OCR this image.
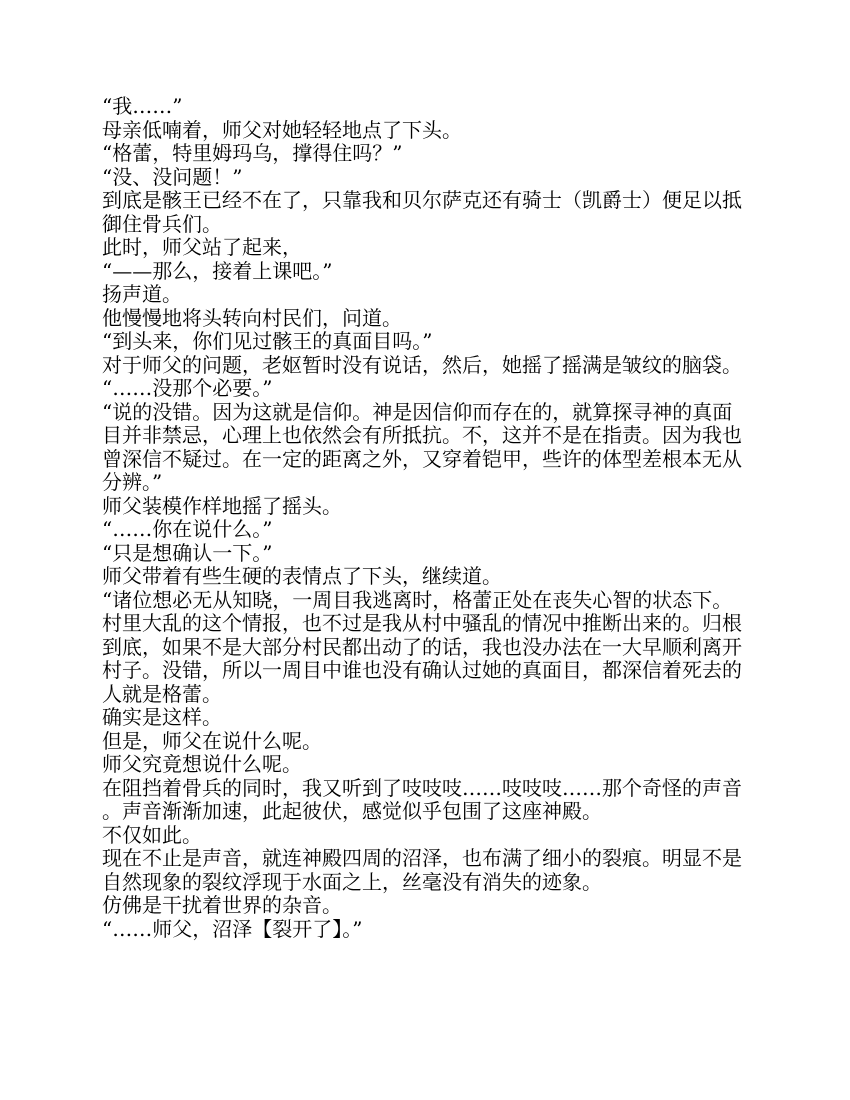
“我……”

母亲低喃着，师父对她轻轻地点了下头。

“格蕾，特里姆玛乌，撑得住吗？”

“没、没问题！”

到底是骸王已经不在了，只靠我和贝尔萨克还有骑士（凯爵士）便足以抵御住骨兵们。

此时，师父站了起来，

“——那么，接着上课吧。”

扬声道。

他慢慢地将头转向村民们，问道。

“到头来，你们见过骸王的真面目吗。”

对于师父的问题，老妪暂时没有说话，然后，她摇了摇满是皱纹的脑袋。

“……没那个必要。”

“说的没错。因为这就是信仰。神是因信仰而存在的，就算探寻神的真面目并非禁忌，心理上也依然会有所抵抗。不，这并不是在指责。因为我也曾深信不疑过。在一定的距离之外，又穿着铠甲，些许的体型差根本无从分辨。”

师父装模作样地摇了摇头。

“……你在说什么。”

“只是想确认一下。”

师父带着有些生硬的表情点了下头，继续道。

“诸位想必无从知晓，一周目我逃离时，格蕾正处在丧失心智的状态下。村里大乱的这个情报，也不过是我从村中骚乱的情况中推断出来的。归根到底，如果不是大部分村民都出动了的话，我也没办法在一大早顺利离开村子。没错，所以一周目中谁也没有确认过她的真面目，都深信着死去的人就是格蕾。

确实是这样。

但是，师父在说什么呢。

师父究竟想说什么呢。

在阻挡着骨兵的同时，我又听到了吱吱吱……吱吱吱……那个奇怪的声音。声音渐渐加速，此起彼伏，感觉似乎包围了这座神殿。

不仅如此。

现在不止是声音，就连神殿四周的沼泽，也布满了细小的裂痕。明显不是自然现象的裂纹浮现于水面之上，丝毫没有消失的迹象。

仿佛是干扰着世界的杂音。

“……师父，沼泽【裂开了】。”
